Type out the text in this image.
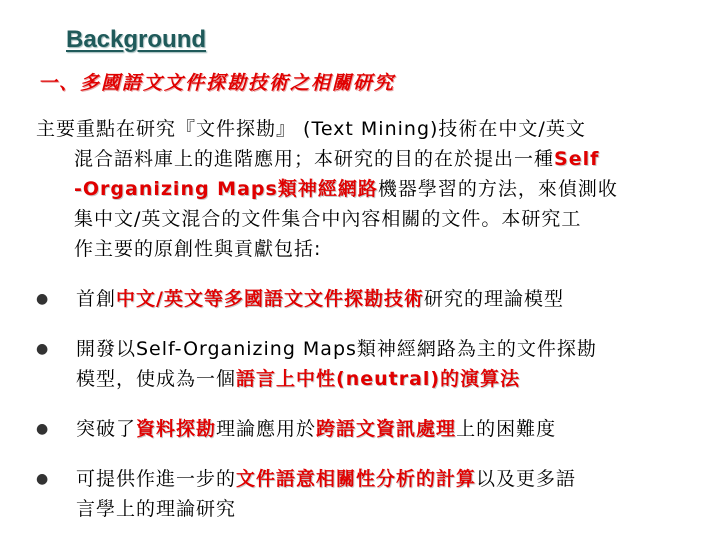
Background
一、多國語文文件探勘技術之相關研究
主要重點在研究『文件探勘』 (Text Mining)技術在中文/英文
混合語料庫上的進階應用；本研究的目的在於提出一種Self
-Organizing Maps類神經網路機器學習的方法，來偵測收
集中文/英文混合的文件集合中內容相關的文件。本研究工
作主要的原創性與貢獻包括:
●	首創中文/英文等多國語文文件探勘技術研究的理論模型
●	開發以Self-Organizing Maps類神經網路為主的文件探勘
模型，使成為一個語言上中性(neutral)的演算法
●	突破了資料探勘理論應用於跨語文資訊處理上的困難度
●	可提供作進一步的文件語意相關性分析的計算以及更多語
言學上的理論研究
